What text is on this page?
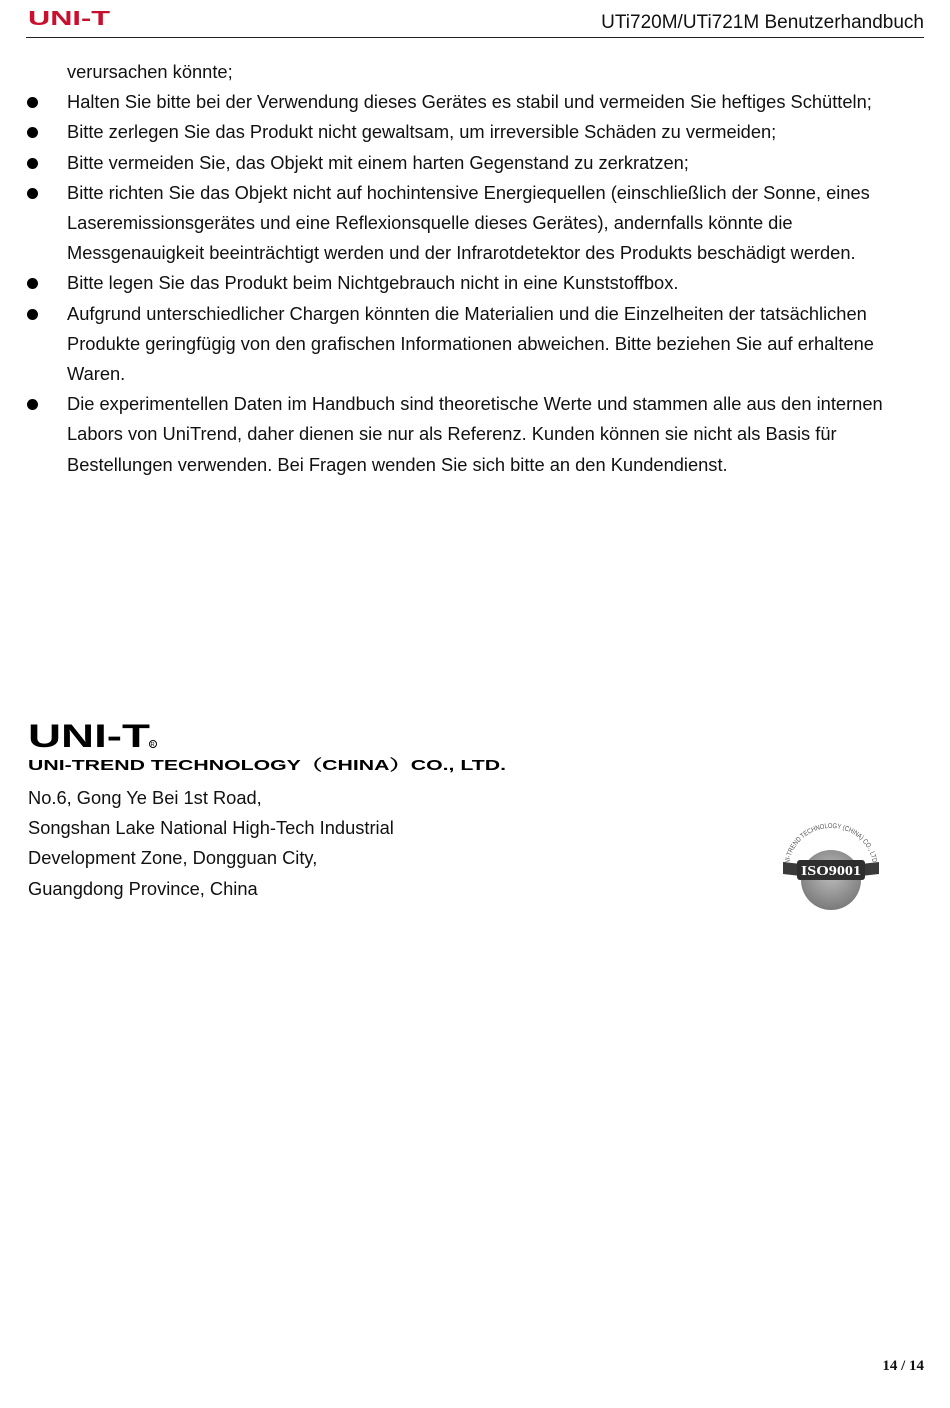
UNI-T	UTi720M/UTi721M Benutzerhandbuch

verursachen könnte;

Halten Sie bitte bei der Verwendung dieses Gerätes es stabil und vermeiden Sie heftiges Schütteln;
Bitte zerlegen Sie das Produkt nicht gewaltsam, um irreversible Schäden zu vermeiden;
Bitte vermeiden Sie, das Objekt mit einem harten Gegenstand zu zerkratzen;
Bitte richten Sie das Objekt nicht auf hochintensive Energiequellen (einschließlich der Sonne, eines Laseremissionsgerätes und eine Reflexionsquelle dieses Gerätes), andernfalls könnte die Messgenauigkeit beeinträchtigt werden und der Infrarotdetektor des Produkts beschädigt werden.
Bitte legen Sie das Produkt beim Nichtgebrauch nicht in eine Kunststoffbox.
Aufgrund unterschiedlicher Chargen könnten die Materialien und die Einzelheiten der tatsächlichen Produkte geringfügig von den grafischen Informationen abweichen. Bitte beziehen Sie auf erhaltene Waren.
Die experimentellen Daten im Handbuch sind theoretische Werte und stammen alle aus den internen Labors von UniTrend, daher dienen sie nur als Referenz. Kunden können sie nicht als Basis für Bestellungen verwenden. Bei Fragen wenden Sie sich bitte an den Kundendienst.
UNI-T R
UNI-TREND TECHNOLOGY（CHINA）CO., LTD.
No.6, Gong Ye Bei 1st Road,
Songshan Lake National High-Tech Industrial
Development Zone, Dongguan City,
Guangdong Province, China
NI-TREND TECHNOLOGY (CHINA) CO., LTD
ISO9001
14 / 14
